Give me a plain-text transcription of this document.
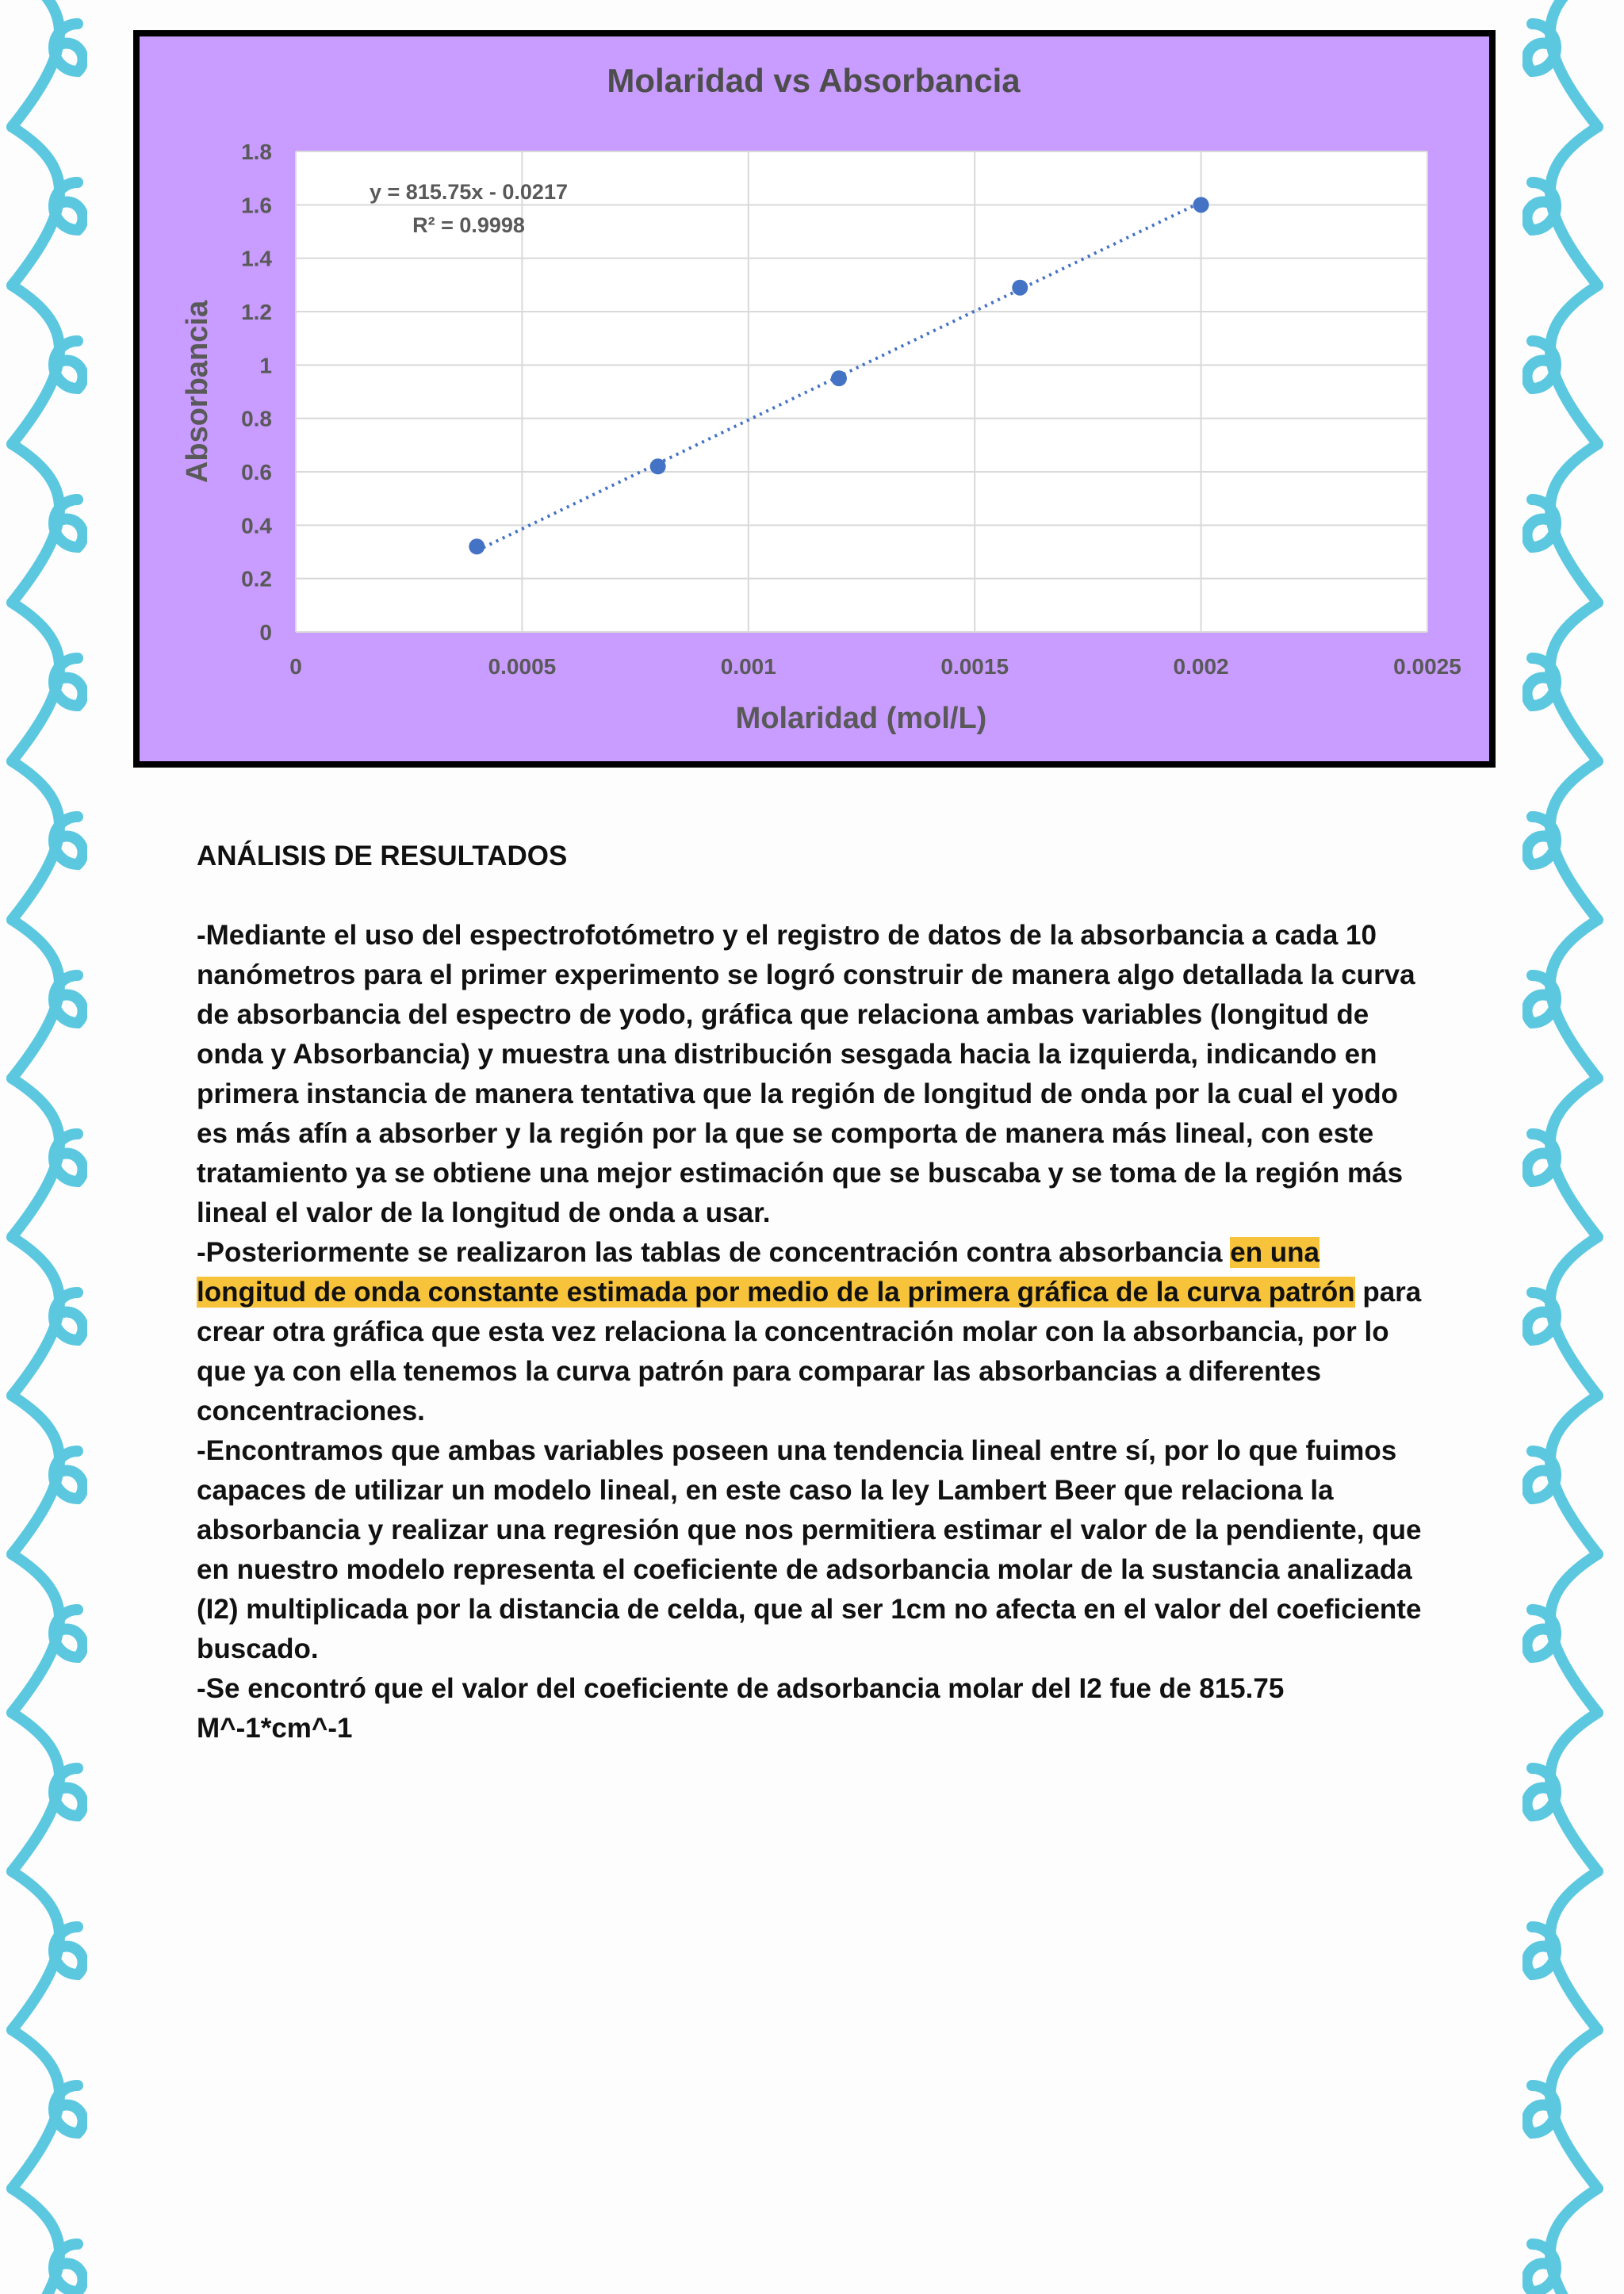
Molaridad vs Absorbancia
0
0.2
0.4
0.6
0.8
1
1.2
1.4
1.6
1.8
0	0.0005	0.001	0.0015	0.002	0.0025
y = 815.75x - 0.0217
R² = 0.9998
Molaridad (mol/L)
Absorbancia
ANÁLISIS DE RESULTADOS

-Mediante el uso del espectrofotómetro y el registro de datos de la absorbancia a cada 10 nanómetros para el primer experimento se logró construir de manera algo detallada la curva de absorbancia del espectro de yodo, gráfica que relaciona ambas variables (longitud de onda y Absorbancia) y muestra una distribución sesgada hacia la izquierda, indicando en primera instancia de manera tentativa que la región de longitud de onda por la cual el yodo es más afín a absorber y la región por la que se comporta de manera más lineal, con este tratamiento ya se obtiene una mejor estimación que se buscaba y se toma de la región más lineal el valor de la longitud de onda a usar.

-Posteriormente se realizaron las tablas de concentración contra absorbancia en una longitud de onda constante estimada por medio de la primera gráfica de la curva patrón para crear otra gráfica que esta vez relaciona la concentración molar con la absorbancia, por lo que ya con ella tenemos la curva patrón para comparar las absorbancias a diferentes concentraciones.

-Encontramos que ambas variables poseen una tendencia lineal entre sí, por lo que fuimos capaces de utilizar un modelo lineal, en este caso la ley Lambert Beer que relaciona la absorbancia y realizar una regresión que nos permitiera estimar el valor de la pendiente, que en nuestro modelo representa el coeficiente de adsorbancia molar de la sustancia analizada (I2) multiplicada por la distancia de celda, que al ser 1cm no afecta en el valor del coeficiente buscado.

-Se encontró que el valor del coeficiente de adsorbancia molar del I2 fue de 815.75 M^-1*cm^-1
